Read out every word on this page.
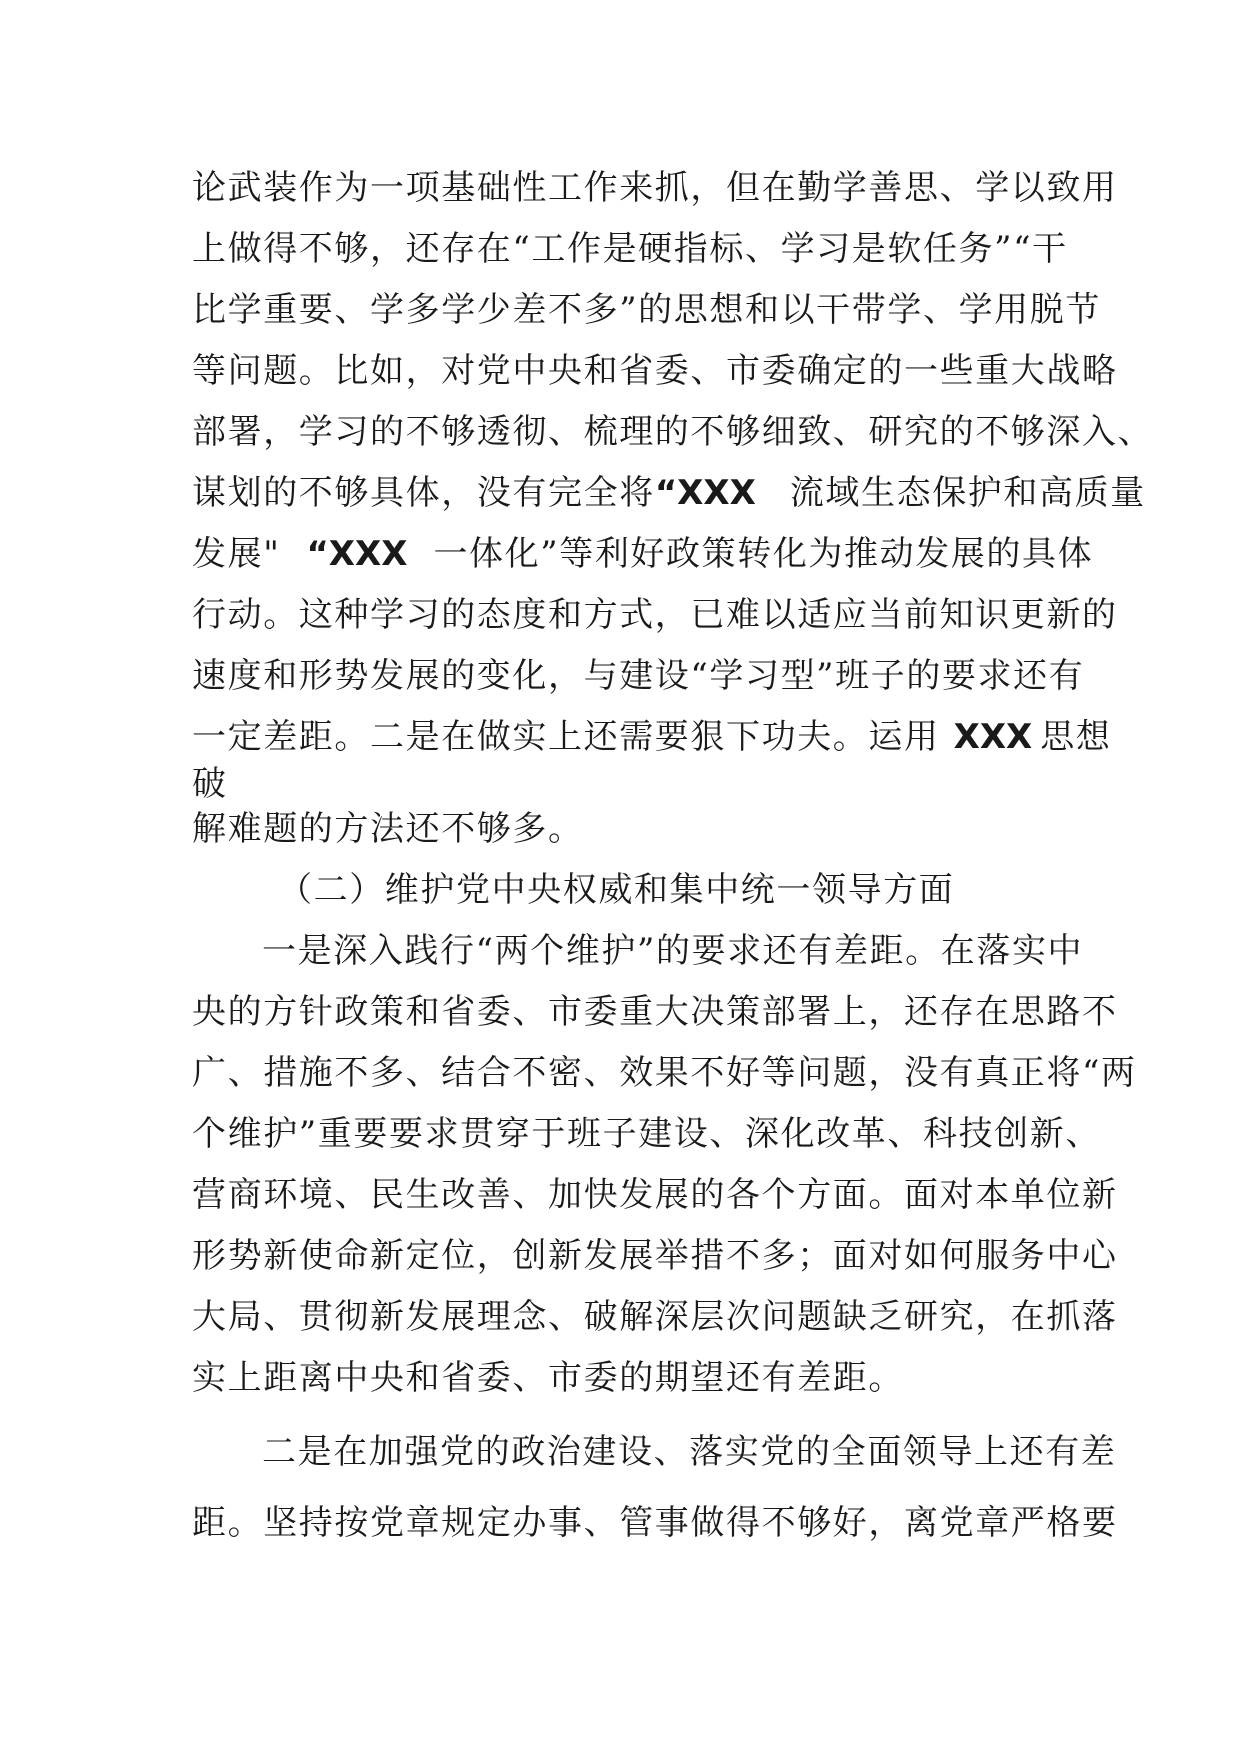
论武装作为一项基础性工作来抓，但在勤学善思、学以致用
上做得不够，还存在“工作是硬指标、学习是软任务”“干
比学重要、学多学少差不多”的思想和以干带学、学用脱节
等问题。比如，对党中央和省委、市委确定的一些重大战略
部署，学习的不够透彻、梳理的不够细致、研究的不够深入、
谋划的不够具体，没有完全将“XXX 流域生态保护和高质量
发展" “XXX 一体化”等利好政策转化为推动发展的具体
行动。这种学习的态度和方式，已难以适应当前知识更新的
速度和形势发展的变化，与建设“学习型”班子的要求还有
一定差距。二是在做实上还需要狠下功夫。运用 XXX 思想
破
解难题的方法还不够多。
（二）维护党中央权威和集中统一领导方面
一是深入践行“两个维护”的要求还有差距。在落实中
央的方针政策和省委、市委重大决策部署上，还存在思路不
广、措施不多、结合不密、效果不好等问题，没有真正将“两
个维护”重要要求贯穿于班子建设、深化改革、科技创新、
营商环境、民生改善、加快发展的各个方面。面对本单位新
形势新使命新定位，创新发展举措不多；面对如何服务中心
大局、贯彻新发展理念、破解深层次问题缺乏研究，在抓落
实上距离中央和省委、市委的期望还有差距。
二是在加强党的政治建设、落实党的全面领导上还有差
距。坚持按党章规定办事、管事做得不够好，离党章严格要
